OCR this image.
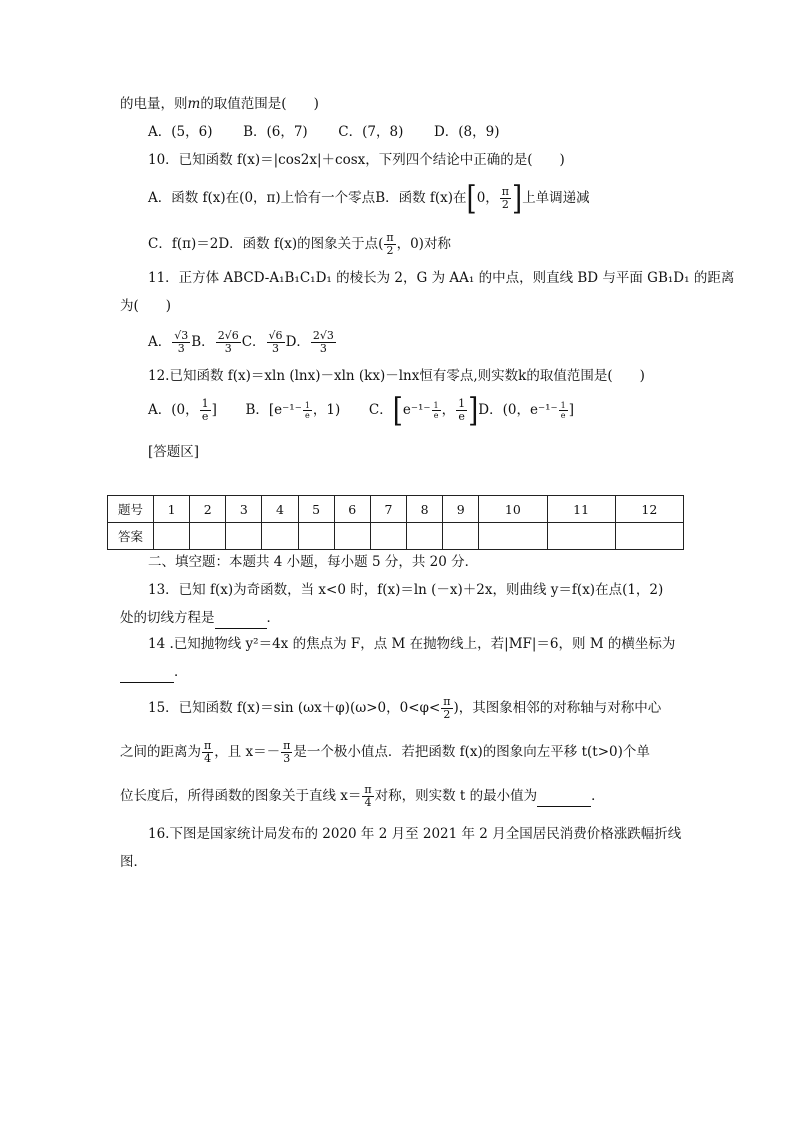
的电量，则m的取值范围是(　　)
A．(5，6) B．(6，7) C．(7，8) D．(8，9)
10．已知函数 f(x)＝|cos2x|＋cosx，下列四个结论中正确的是(　　)
A．函数 f(x)在(0，π)上恰有一个零点B．函数 f(x)在[0， $\frac{\pi}{2}$ ]上单调递减
C．f(π)＝2D．函数 f(x)的图象关于点( $\frac{\pi}{2}$ ，0)对称
11．正方体 ABCD-A₁B₁C₁D₁ 的棱长为 2，G 为 AA₁ 的中点，则直线 BD 与平面 GB₁D₁ 的距离
为(　　)
A． $\frac{√3}{3}$ B． $\frac{2√6}{3}$ C． $\frac{√6}{3}$ D． $\frac{2√3}{3}$
12.已知函数 f(x)＝xln (lnx)－xln (kx)－lnx恒有零点,则实数k的取值范围是(　　)
A．(0， $\frac{1}{e}$ ] B．[$e^{-1-} \frac{1}{e}$ ，1) C．[$e^{-1-} \frac{1}{e}$ ， $\frac{1}{e} ]D$．(0，$e^{-1-} \frac{1}{e}$ ]
[答题区]
题号	1	2	3	4	5	6	7	8	9	10	11	12
答案												
二、填空题：本题共 4 小题，每小题 5 分，共 20 分．
13．已知 f(x)为奇函数，当 x<0 时，f(x)＝ln (－x)＋2x，则曲线 y＝f(x)在点(1，2)
处的切线方程是	．
14 .已知抛物线 y²＝4x 的焦点为 F，点 M 在抛物线上，若|MF|＝6，则 M 的横坐标为
．
15．已知函数 f(x)＝sin (ωx＋φ)(ω>0，$0<\varphi< \frac{\pi}{2}$ )，其图象相邻的对称轴与对称中心
之间的距离为 $\frac{\pi}{4}$ ，且 $x=- \frac{\pi}{3}$ 是一个极小值点．若把函数 f(x)的图象向左平移 t(t>0)个单
位长度后，所得函数的图象关于直线 $x= \frac{\pi}{4}$ 对称，则实数 t 的最小值为	．
16.下图是国家统计局发布的 2020 年 2 月至 2021 年 2 月全国居民消费价格涨跌幅折线
图．
